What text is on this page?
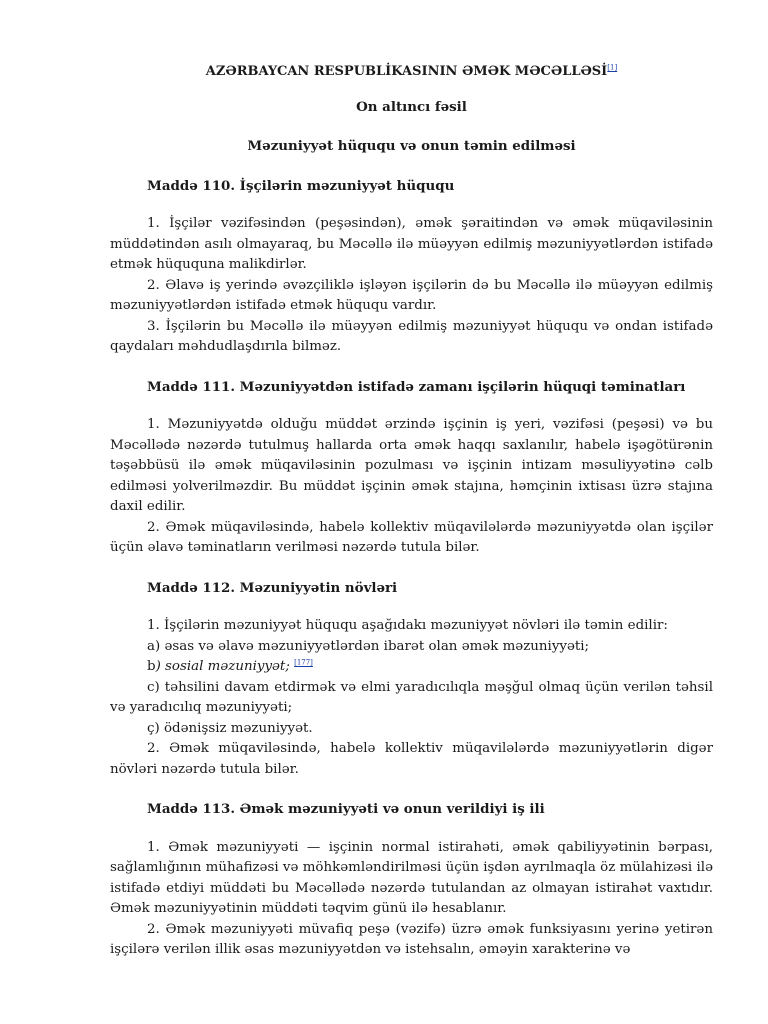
AZƏRBAYCAN RESPUBLİKASININ ƏMƏK MƏCƏLLƏSİ[1]
On altıncı fəsil
Məzuniyyət hüququ və onun təmin edilməsi
Maddə 110. İşçilərin məzuniyyət hüququ

1. İşçilər vəzifəsindən (peşəsindən), əmək şəraitindən və əmək müqaviləsinin müddətindən asılı olmayaraq, bu Məcəllə ilə müəyyən edilmiş məzuniyyətlərdən istifadə etmək hüququna malikdirlər.

2. Əlavə iş yerində əvəzçiliklə işləyən işçilərin də bu Məcəllə ilə müəyyən edilmiş məzuniyyətlərdən istifadə etmək hüququ vardır.

3. İşçilərin bu Məcəllə ilə müəyyən edilmiş məzuniyyət hüququ və ondan istifadə qaydaları məhdudlaşdırıla bilməz.

Maddə 111. Məzuniyyətdən istifadə zamanı işçilərin hüquqi təminatları

1. Məzuniyyətdə olduğu müddət ərzində işçinin iş yeri, vəzifəsi (peşəsi) və bu Məcəllədə nəzərdə tutulmuş hallarda orta əmək haqqı saxlanılır, habelə işəgötürənin təşəbbüsü ilə əmək müqaviləsinin pozulması və işçinin intizam məsuliyyətinə cəlb edilməsi yolverilməzdir. Bu müddət işçinin əmək stajına, həmçinin ixtisası üzrə stajına daxil edilir.

2. Əmək müqaviləsində, habelə kollektiv müqavilələrdə məzuniyyətdə olan işçilər üçün əlavə təminatların verilməsi nəzərdə tutula bilər.

Maddə 112. Məzuniyyətin növləri

1. İşçilərin məzuniyyət hüququ aşağıdakı məzuniyyət növləri ilə təmin edilir:

a) əsas və əlavə məzuniyyətlərdən ibarət olan əmək məzuniyyəti;

b) sosial məzuniyyət; [177]

c) təhsilini davam etdirmək və elmi yaradıcılıqla məşğul olmaq üçün verilən təhsil və yaradıcılıq məzuniyyəti;

ç) ödənişsiz məzuniyyət.

2. Əmək müqaviləsində, habelə kollektiv müqavilələrdə məzuniyyətlərin digər növləri nəzərdə tutula bilər.

Maddə 113. Əmək məzuniyyəti və onun verildiyi iş ili

1. Əmək məzuniyyəti — işçinin normal istirahəti, əmək qabiliyyətinin bərpası, sağlamlığının mühafizəsi və möhkəmləndirilməsi üçün işdən ayrılmaqla öz mülahizəsi ilə istifadə etdiyi müddəti bu Məcəllədə nəzərdə tutulandan az olmayan istirahət vaxtıdır. Əmək məzuniyyətinin müddəti təqvim günü ilə hesablanır.

2. Əmək məzuniyyəti müvafiq peşə (vəzifə) üzrə əmək funksiyasını yerinə yetirən işçilərə verilən illik əsas məzuniyyətdən və istehsalın, əməyin xarakterinə və
